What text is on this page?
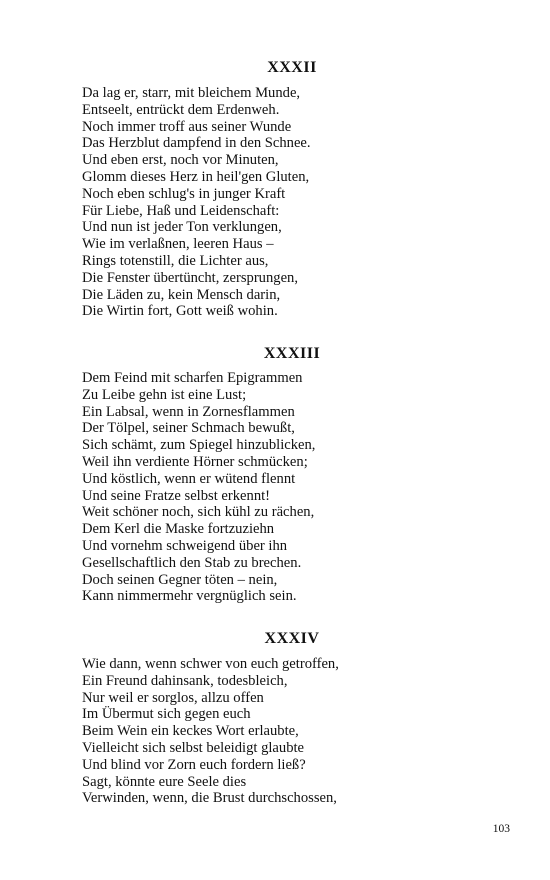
XXXII
Da lag er, starr, mit bleichem Munde,
Entseelt, entrückt dem Erdenweh.
Noch immer troff aus seiner Wunde
Das Herzblut dampfend in den Schnee.
Und eben erst, noch vor Minuten,
Glomm dieses Herz in heil'gen Gluten,
Noch eben schlug's in junger Kraft
Für Liebe, Haß und Leidenschaft:
Und nun ist jeder Ton verklungen,
Wie im verlaßnen, leeren Haus –
Rings totenstill, die Lichter aus,
Die Fenster übertüncht, zersprungen,
Die Läden zu, kein Mensch darin,
Die Wirtin fort, Gott weiß wohin.
XXXIII
Dem Feind mit scharfen Epigrammen
Zu Leibe gehn ist eine Lust;
Ein Labsal, wenn in Zornesflammen
Der Tölpel, seiner Schmach bewußt,
Sich schämt, zum Spiegel hinzublicken,
Weil ihn verdiente Hörner schmücken;
Und köstlich, wenn er wütend flennt
Und seine Fratze selbst erkennt!
Weit schöner noch, sich kühl zu rächen,
Dem Kerl die Maske fortzuziehn
Und vornehm schweigend über ihn
Gesellschaftlich den Stab zu brechen.
Doch seinen Gegner töten – nein,
Kann nimmermehr vergnüglich sein.
XXXIV
Wie dann, wenn schwer von euch getroffen,
Ein Freund dahinsank, todesbleich,
Nur weil er sorglos, allzu offen
Im Übermut sich gegen euch
Beim Wein ein keckes Wort erlaubte,
Vielleicht sich selbst beleidigt glaubte
Und blind vor Zorn euch fordern ließ?
Sagt, könnte eure Seele dies
Verwinden, wenn, die Brust durchschossen,
103
